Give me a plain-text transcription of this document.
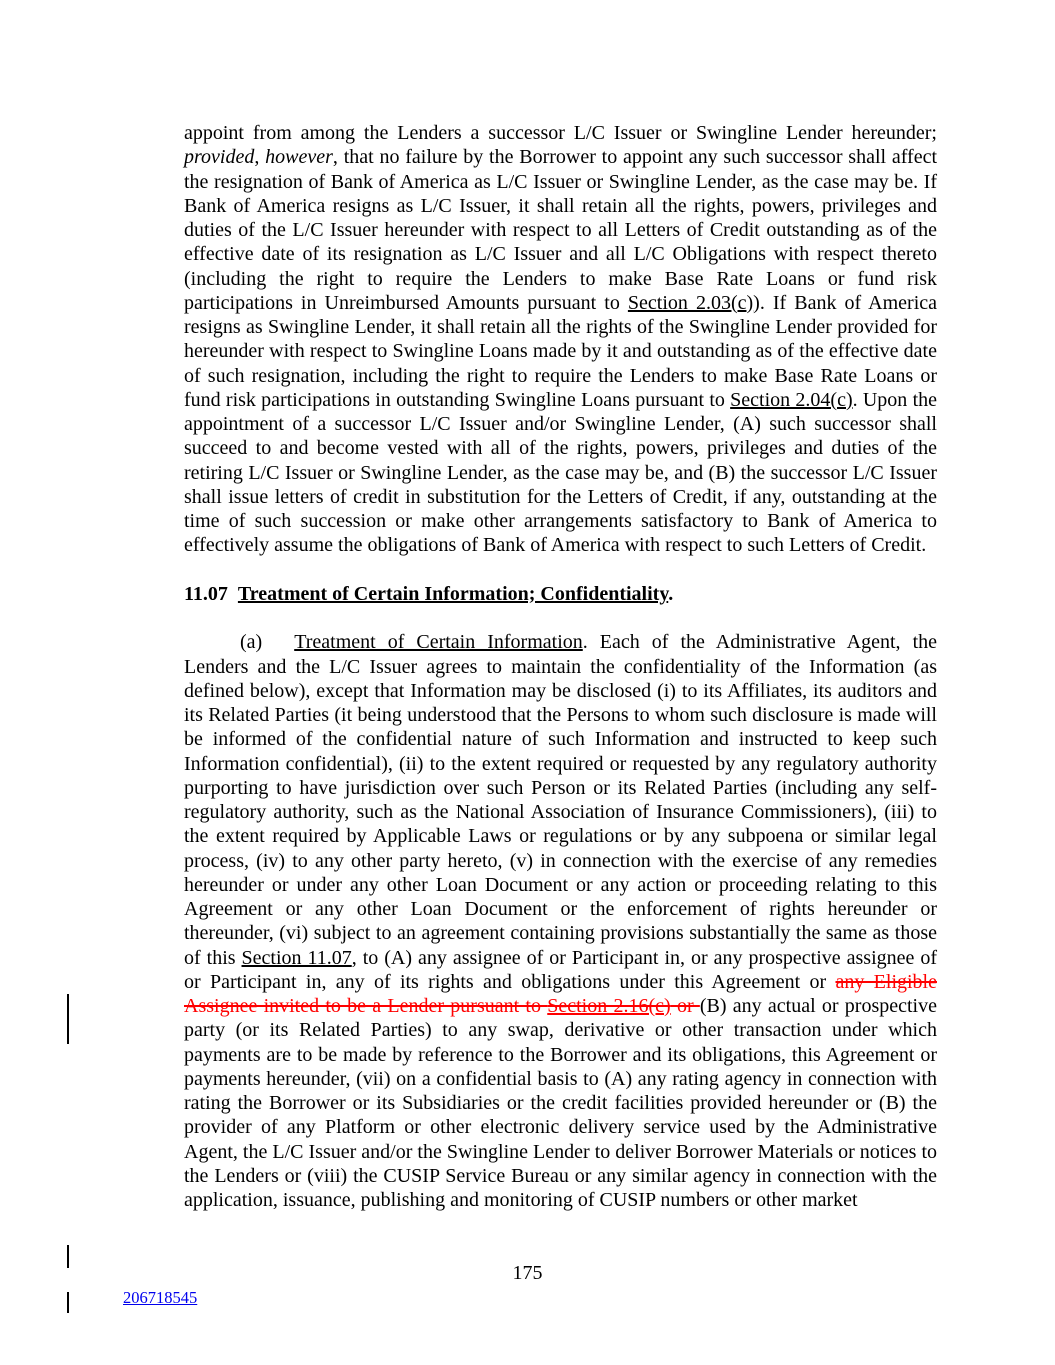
appoint from among the Lenders a successor L/C Issuer or Swingline Lender hereunder; provided, however, that no failure by the Borrower to appoint any such successor shall affect the resignation of Bank of America as L/C Issuer or Swingline Lender, as the case may be. If Bank of America resigns as L/C Issuer, it shall retain all the rights, powers, privileges and duties of the L/C Issuer hereunder with respect to all Letters of Credit outstanding as of the effective date of its resignation as L/C Issuer and all L/C Obligations with respect thereto (including the right to require the Lenders to make Base Rate Loans or fund risk participations in Unreimbursed Amounts pursuant to Section 2.03(c)). If Bank of America resigns as Swingline Lender, it shall retain all the rights of the Swingline Lender provided for hereunder with respect to Swingline Loans made by it and outstanding as of the effective date of such resignation, including the right to require the Lenders to make Base Rate Loans or fund risk participations in outstanding Swingline Loans pursuant to Section 2.04(c). Upon the appointment of a successor L/C Issuer and/or Swingline Lender, (A) such successor shall succeed to and become vested with all of the rights, powers, privileges and duties of the retiring L/C Issuer or Swingline Lender, as the case may be, and (B) the successor L/C Issuer shall issue letters of credit in substitution for the Letters of Credit, if any, outstanding at the time of such succession or make other arrangements satisfactory to Bank of America to effectively assume the obligations of Bank of America with respect to such Letters of Credit.

11.07 Treatment of Certain Information; Confidentiality.

(a) Treatment of Certain Information. Each of the Administrative Agent, the Lenders and the L/C Issuer agrees to maintain the confidentiality of the Information (as defined below), except that Information may be disclosed (i) to its Affiliates, its auditors and its Related Parties (it being understood that the Persons to whom such disclosure is made will be informed of the confidential nature of such Information and instructed to keep such Information confidential), (ii) to the extent required or requested by any regulatory authority purporting to have jurisdiction over such Person or its Related Parties (including any self-regulatory authority, such as the National Association of Insurance Commissioners), (iii) to the extent required by Applicable Laws or regulations or by any subpoena or similar legal process, (iv) to any other party hereto, (v) in connection with the exercise of any remedies hereunder or under any other Loan Document or any action or proceeding relating to this Agreement or any other Loan Document or the enforcement of rights hereunder or thereunder, (vi) subject to an agreement containing provisions substantially the same as those of this Section 11.07, to (A) any assignee of or Participant in, or any prospective assignee of or Participant in, any of its rights and obligations under this Agreement or any Eligible Assignee invited to be a Lender pursuant to Section 2.16(c) or (B) any actual or prospective party (or its Related Parties) to any swap, derivative or other transaction under which payments are to be made by reference to the Borrower and its obligations, this Agreement or payments hereunder, (vii) on a confidential basis to (A) any rating agency in connection with rating the Borrower or its Subsidiaries or the credit facilities provided hereunder or (B) the provider of any Platform or other electronic delivery service used by the Administrative Agent, the L/C Issuer and/or the Swingline Lender to deliver Borrower Materials or notices to the Lenders or (viii) the CUSIP Service Bureau or any similar agency in connection with the application, issuance, publishing and monitoring of CUSIP numbers or other market

175
206718545
